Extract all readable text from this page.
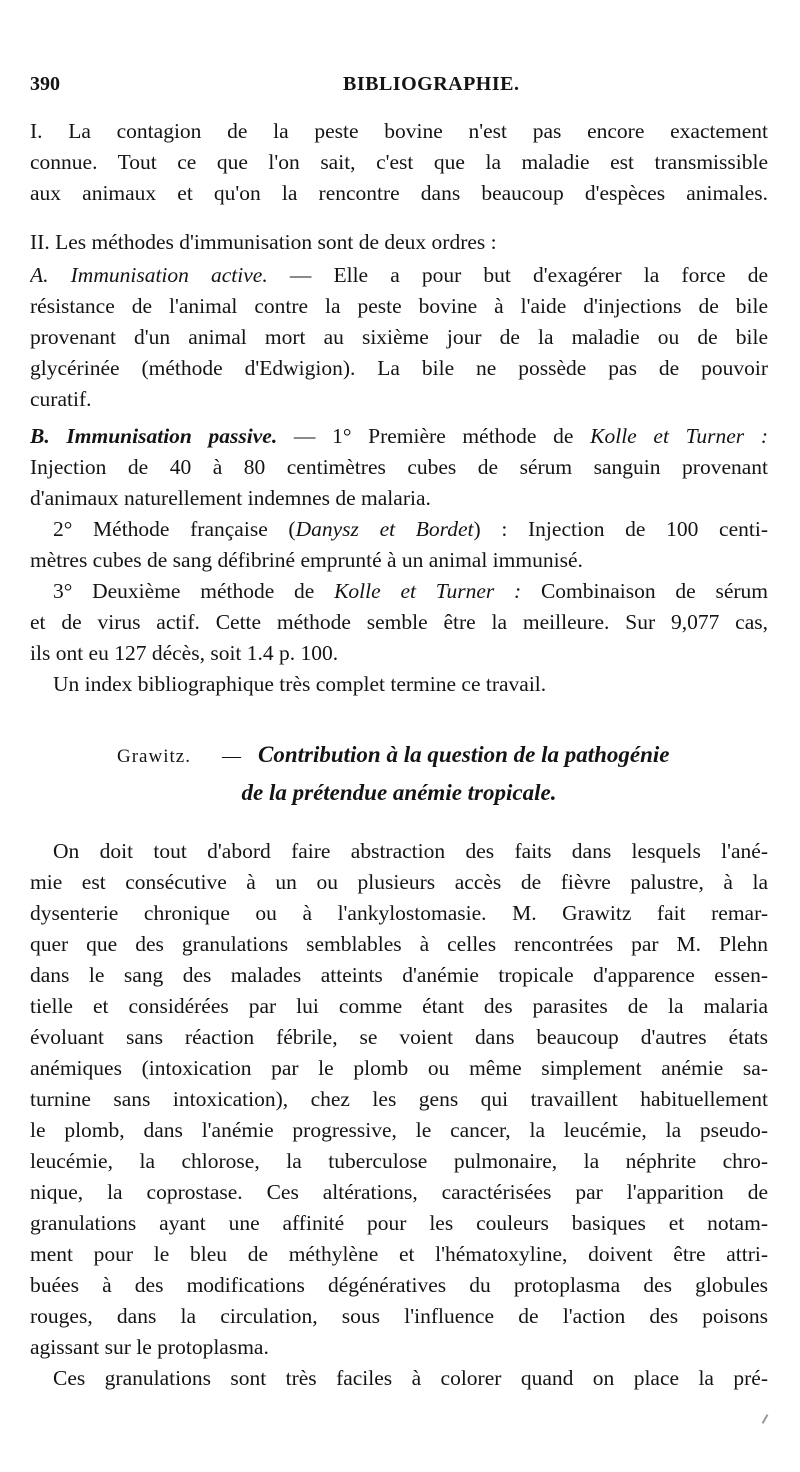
390	BIBLIOGRAPHIE.
I. La contagion de la peste bovine n'est pas encore exactement
connue. Tout ce que l'on sait, c'est que la maladie est transmissible
aux animaux et qu'on la rencontre dans beaucoup d'espèces animales.
II. Les méthodes d'immunisation sont de deux ordres :
A. Immunisation active. — Elle a pour but d'exagérer la force de
résistance de l'animal contre la peste bovine à l'aide d'injections de bile
provenant d'un animal mort au sixième jour de la maladie ou de bile
glycérinée (méthode d'Edwigion). La bile ne possède pas de pouvoir
curatif.
B. Immunisation passive. — 1° Première méthode de Kolle et Turner :
Injection de 40 à 80 centimètres cubes de sérum sanguin provenant
d'animaux naturellement indemnes de malaria.
2° Méthode française (Danysz et Bordet) : Injection de 100 centi-
mètres cubes de sang défibriné emprunté à un animal immunisé.
3° Deuxième méthode de Kolle et Turner : Combinaison de sérum
et de virus actif. Cette méthode semble être la meilleure. Sur 9,077 cas,
ils ont eu 127 décès, soit 1.4 p. 100.
Un index bibliographique très complet termine ce travail.
Grawitz. — Contribution à la question de la pathogénie
de la prétendue anémie tropicale.
On doit tout d'abord faire abstraction des faits dans lesquels l'ané-
mie est consécutive à un ou plusieurs accès de fièvre palustre, à la
dysenterie chronique ou à l'ankylostomasie. M. Grawitz fait remar-
quer que des granulations semblables à celles rencontrées par M. Plehn
dans le sang des malades atteints d'anémie tropicale d'apparence essen-
tielle et considérées par lui comme étant des parasites de la malaria
évoluant sans réaction fébrile, se voient dans beaucoup d'autres états
anémiques (intoxication par le plomb ou même simplement anémie sa-
turnine sans intoxication), chez les gens qui travaillent habituellement
le plomb, dans l'anémie progressive, le cancer, la leucémie, la pseudo-
leucémie, la chlorose, la tuberculose pulmonaire, la néphrite chro-
nique, la coprostase. Ces altérations, caractérisées par l'apparition de
granulations ayant une affinité pour les couleurs basiques et notam-
ment pour le bleu de méthylène et l'hématoxyline, doivent être attri-
buées à des modifications dégénératives du protoplasma des globules
rouges, dans la circulation, sous l'influence de l'action des poisons
agissant sur le protoplasma.
Ces granulations sont très faciles à colorer quand on place la pré-
